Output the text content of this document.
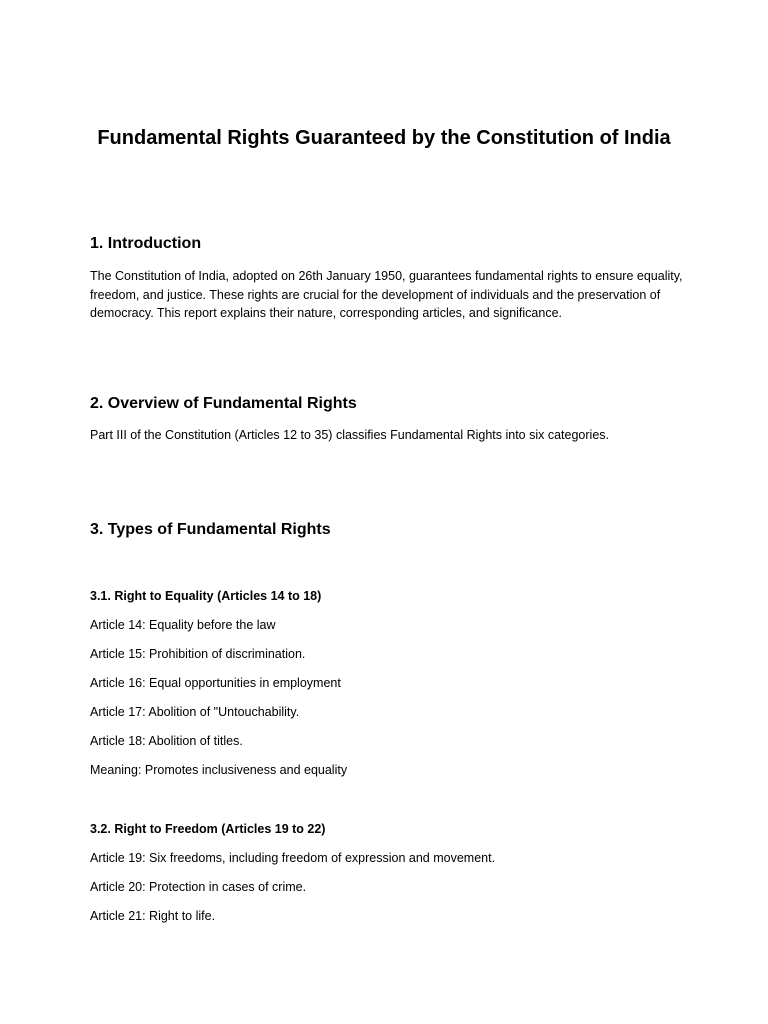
Fundamental Rights Guaranteed by the Constitution of India
1. Introduction

The Constitution of India, adopted on 26th January 1950, guarantees fundamental rights to ensure equality, freedom, and justice. These rights are crucial for the development of individuals and the preservation of democracy. This report explains their nature, corresponding articles, and significance.

2. Overview of Fundamental Rights

Part III of the Constitution (Articles 12 to 35) classifies Fundamental Rights into six categories.

3. Types of Fundamental Rights
3.1. Right to Equality (Articles 14 to 18)

Article 14: Equality before the law

Article 15: Prohibition of discrimination.

Article 16: Equal opportunities in employment

Article 17: Abolition of "Untouchability.

Article 18: Abolition of titles.

Meaning: Promotes inclusiveness and equality

3.2. Right to Freedom (Articles 19 to 22)

Article 19: Six freedoms, including freedom of expression and movement.

Article 20: Protection in cases of crime.

Article 21: Right to life.
